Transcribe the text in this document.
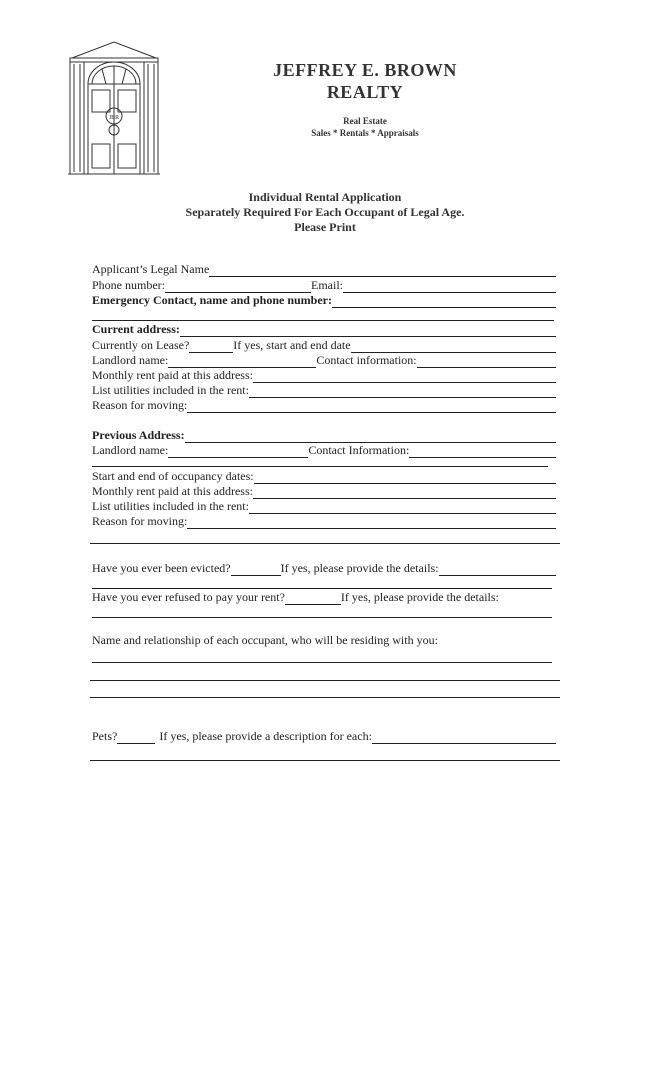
JBR
JEFFREY E. BROWN
REALTY
Real Estate
Sales * Rentals * Appraisals
Individual Rental Application
Separately Required For Each Occupant of Legal Age.
Please Print
Applicant’s Legal Name
Phone number:	Email:
Emergency Contact, name and phone number:
Current address:
Currently on Lease?	If yes, start and end date
Landlord name:	Contact information:
Monthly rent paid at this address:
List utilities included in the rent:
Reason for moving:
Previous Address:
Landlord name:	Contact Information:
Start and end of occupancy dates:
Monthly rent paid at this address:
List utilities included in the rent:
Reason for moving:
Have you ever been evicted?	If yes, please provide the details:
Have you ever refused to pay your rent?	If yes, please provide the details:
Name and relationship of each occupant, who will be residing with you:
Pets?	If yes, please provide a description for each:
